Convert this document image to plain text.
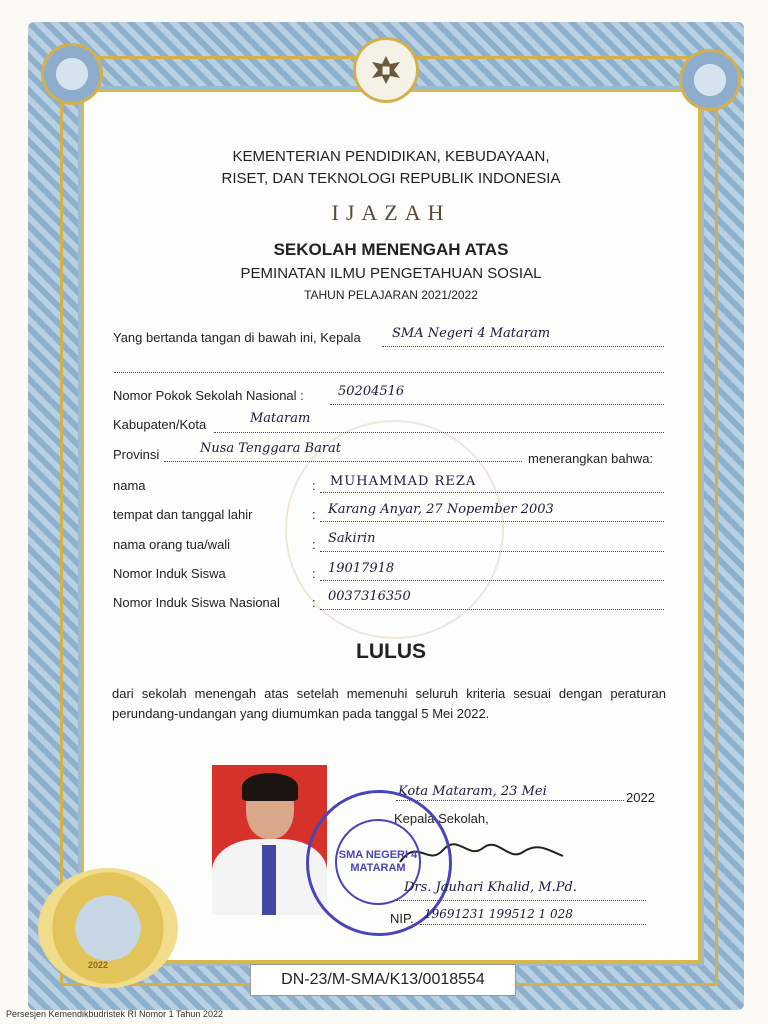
KEMENTERIAN PENDIDIKAN, KEBUDAYAAN,
RISET, DAN TEKNOLOGI REPUBLIK INDONESIA
IJAZAH
SEKOLAH MENENGAH ATAS
PEMINATAN ILMU PENGETAHUAN SOSIAL
TAHUN PELAJARAN 2021/2022
Yang bertanda tangan di bawah ini, Kepala SMA Negeri 4 Mataram
Nomor Pokok Sekolah Nasional :	50204516
Kabupaten/Kota	Mataram
Provinsi	Nusa Tenggara Barat
menerangkan bahwa:
nama	: MUHAMMAD REZA
tempat dan tanggal lahir	: Karang Anyar, 27 Nopember 2003
nama orang tua/wali	: Sakirin
Nomor Induk Siswa	: 19017918
Nomor Induk Siswa Nasional : 0037316350
LULUS
dari sekolah menengah atas setelah memenuhi seluruh kriteria sesuai dengan peraturan perundang-undangan yang diumumkan pada tanggal 5 Mei 2022.
Kota Mataram, 23 Mei	2022
Kepala Sekolah,
SMA NEGERI 4 MATARAM
Drs. Jauhari Khalid, M.Pd.
NIP. 19691231 199512 1 028
2022
DN-23/M-SMA/K13/0018554
Persesjen Kemendikbudristek RI Nomor 1 Tahun 2022
